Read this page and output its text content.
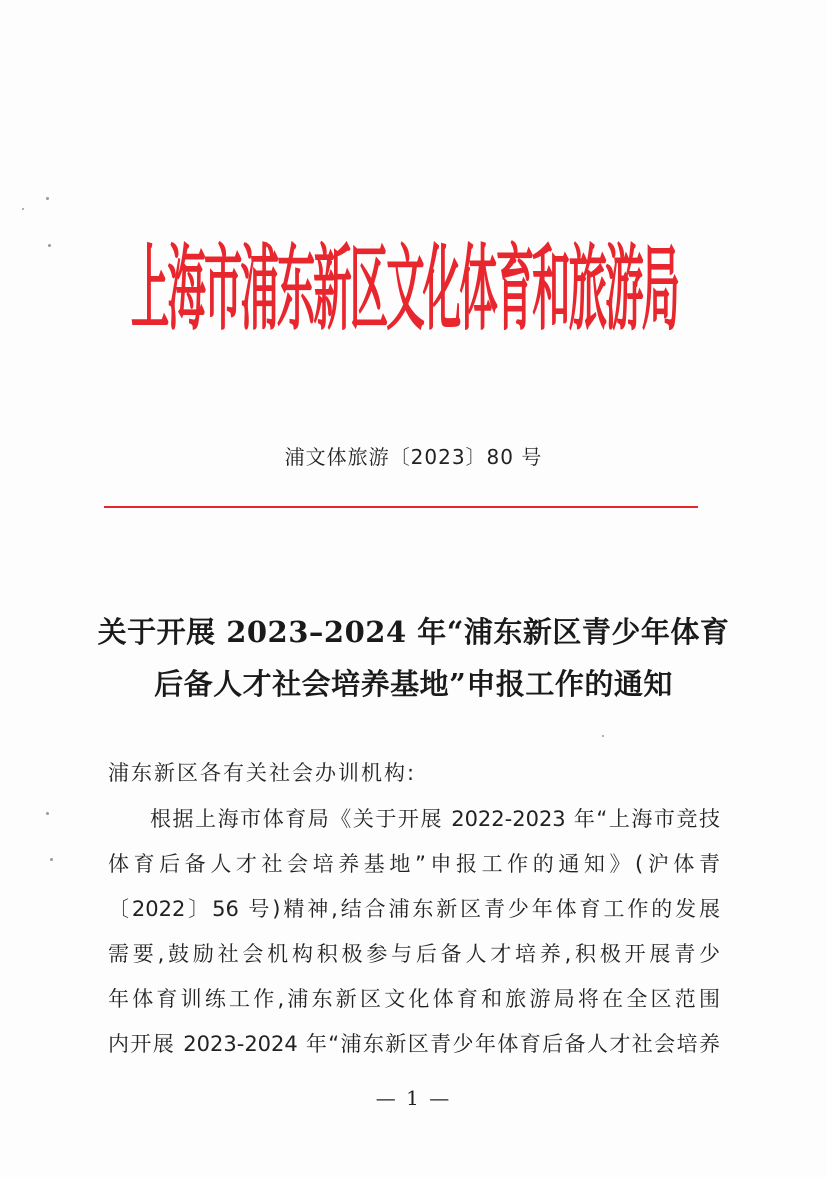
上海市浦东新区文化体育和旅游局
浦文体旅游〔2023〕80 号
关于开展 2023–2024 年“浦东新区青少年体育
后备人才社会培养基地”申报工作的通知
浦东新区各有关社会办训机构:
根据上海市体育局《关于开展 2022-2023 年“上海市竞技
体育后备人才社会培养基地”申报工作的通知》(沪体青
〔2022〕56 号)精神,结合浦东新区青少年体育工作的发展
需要,鼓励社会机构积极参与后备人才培养,积极开展青少
年体育训练工作,浦东新区文化体育和旅游局将在全区范围
内开展 2023-2024 年“浦东新区青少年体育后备人才社会培养
— 1 —
